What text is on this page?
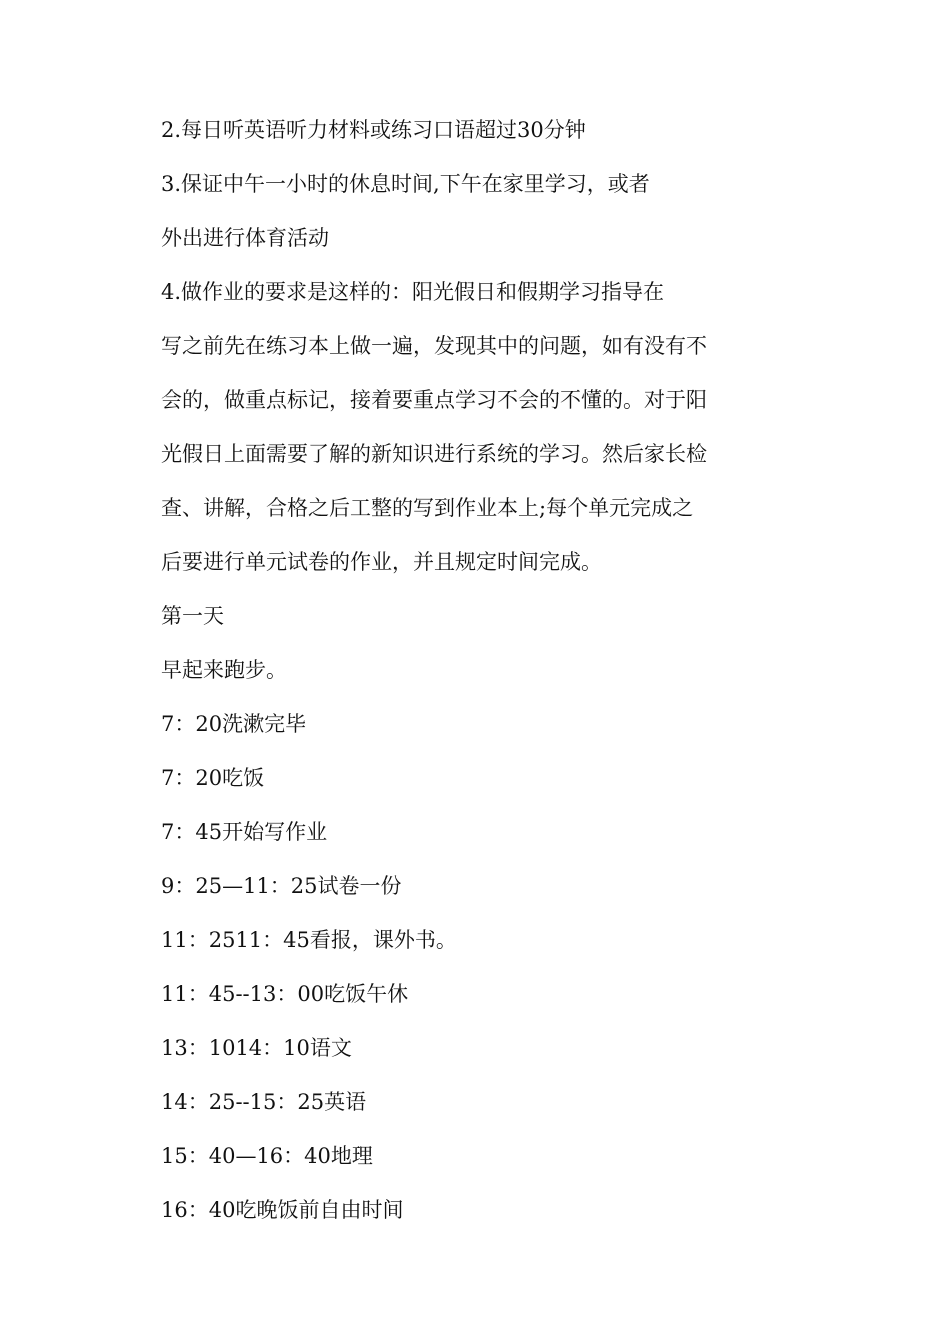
2.每日听英语听力材料或练习口语超过30分钟
3.保证中午一小时的休息时间,下午在家里学习，或者
外出进行体育活动
4.做作业的要求是这样的：阳光假日和假期学习指导在
写之前先在练习本上做一遍，发现其中的问题，如有没有不
会的，做重点标记，接着要重点学习不会的不懂的。对于阳
光假日上面需要了解的新知识进行系统的学习。然后家长检
查、讲解，合格之后工整的写到作业本上;每个单元完成之
后要进行单元试卷的作业，并且规定时间完成。
第一天
早起来跑步。
7：20洗漱完毕
7：20吃饭
7：45开始写作业
9：25—11：25试卷一份
11：2511：45看报，课外书。
11：45--13：00吃饭午休
13：1014：10语文
14：25--15：25英语
15：40—16：40地理
16：40吃晚饭前自由时间
